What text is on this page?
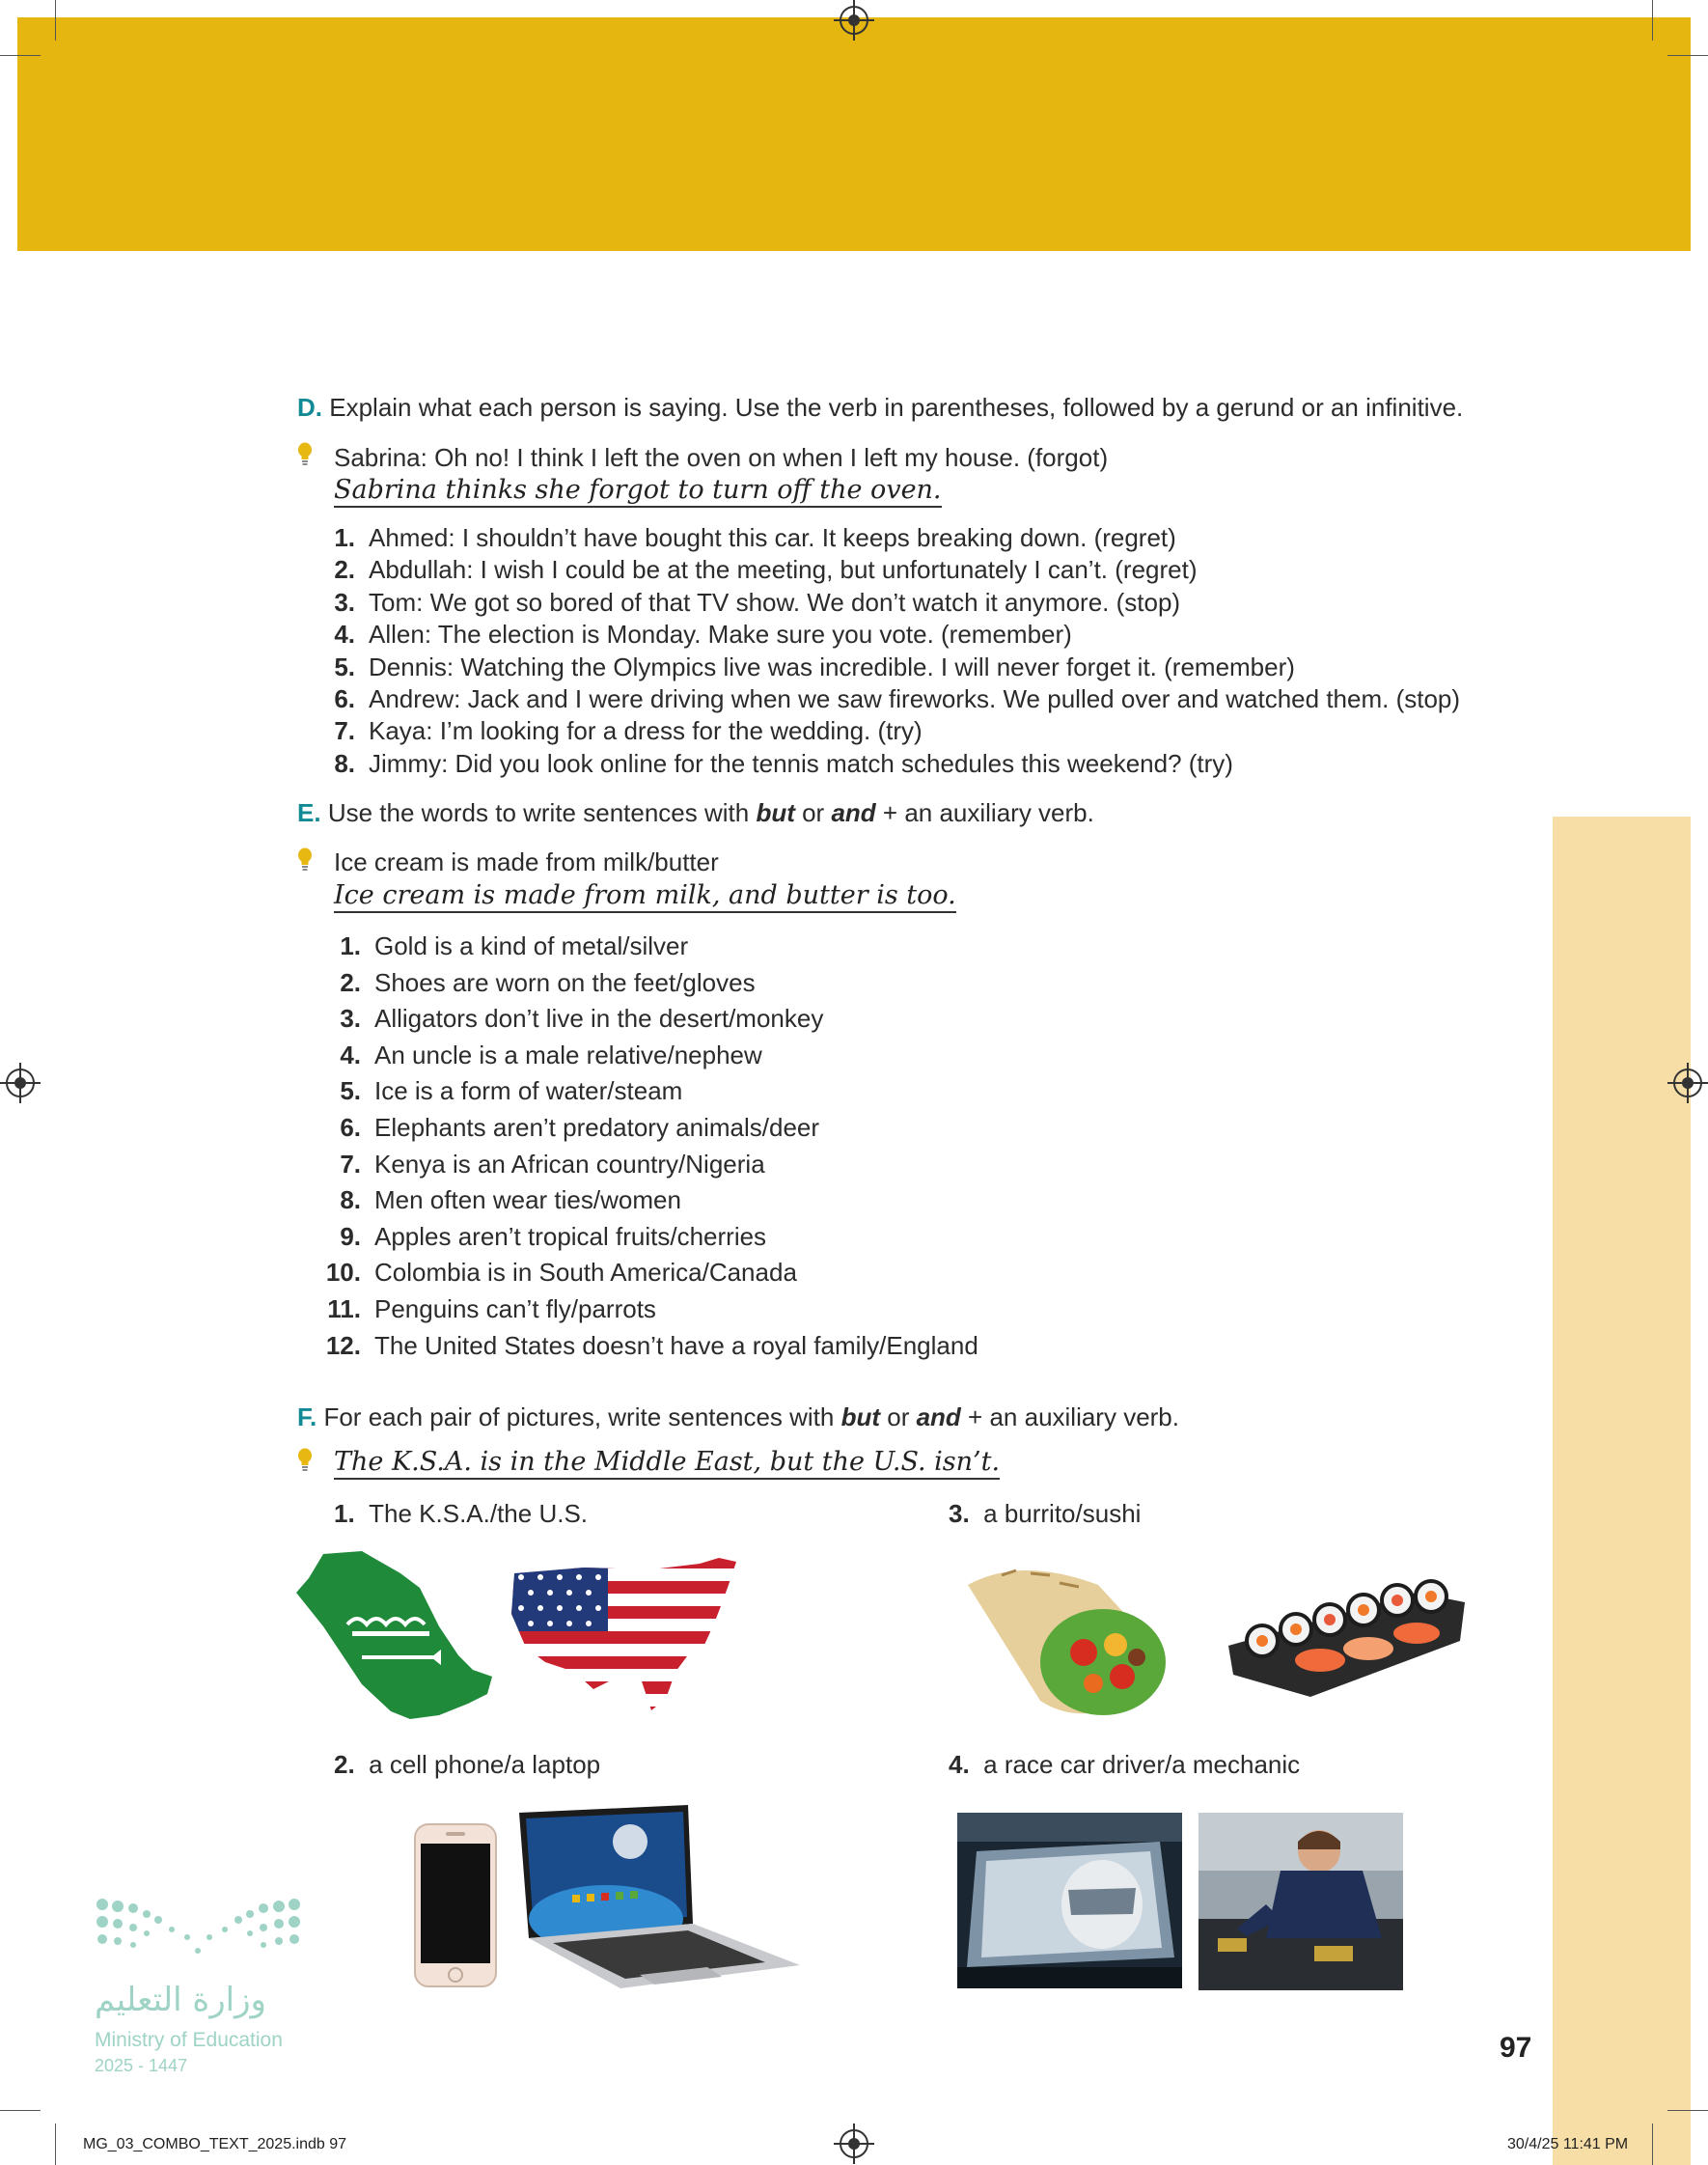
D. Explain what each person is saying. Use the verb in parentheses, followed by a gerund or an infinitive.
Sabrina: Oh no! I think I left the oven on when I left my house. (forgot)
Sabrina thinks she forgot to turn off the oven.
1. Ahmed: I shouldn’t have bought this car. It keeps breaking down. (regret)
2. Abdullah: I wish I could be at the meeting, but unfortunately I can’t. (regret)
3. Tom: We got so bored of that TV show. We don’t watch it anymore. (stop)
4. Allen: The election is Monday. Make sure you vote. (remember)
5. Dennis: Watching the Olympics live was incredible. I will never forget it. (remember)
6. Andrew: Jack and I were driving when we saw fireworks. We pulled over and watched them. (stop)
7. Kaya: I’m looking for a dress for the wedding. (try)
8. Jimmy: Did you look online for the tennis match schedules this weekend? (try)
E. Use the words to write sentences with but or and + an auxiliary verb.
Ice cream is made from milk/butter
Ice cream is made from milk, and butter is too.
1. Gold is a kind of metal/silver
2. Shoes are worn on the feet/gloves
3. Alligators don’t live in the desert/monkey
4. An uncle is a male relative/nephew
5. Ice is a form of water/steam
6. Elephants aren’t predatory animals/deer
7. Kenya is an African country/Nigeria
8. Men often wear ties/women
9. Apples aren’t tropical fruits/cherries
10. Colombia is in South America/Canada
11. Penguins can’t fly/parrots
12. The United States doesn’t have a royal family/England
F. For each pair of pictures, write sentences with but or and + an auxiliary verb.
The K.S.A. is in the Middle East, but the U.S. isn’t.
1. The K.S.A./the U.S.
2. a cell phone/a laptop
3. a burrito/sushi
4. a race car driver/a mechanic
وزارة التعليم
Ministry of Education
2025 - 1447
97
MG_03_COMBO_TEXT_2025.indb 97	30/4/25 11:41 PM
